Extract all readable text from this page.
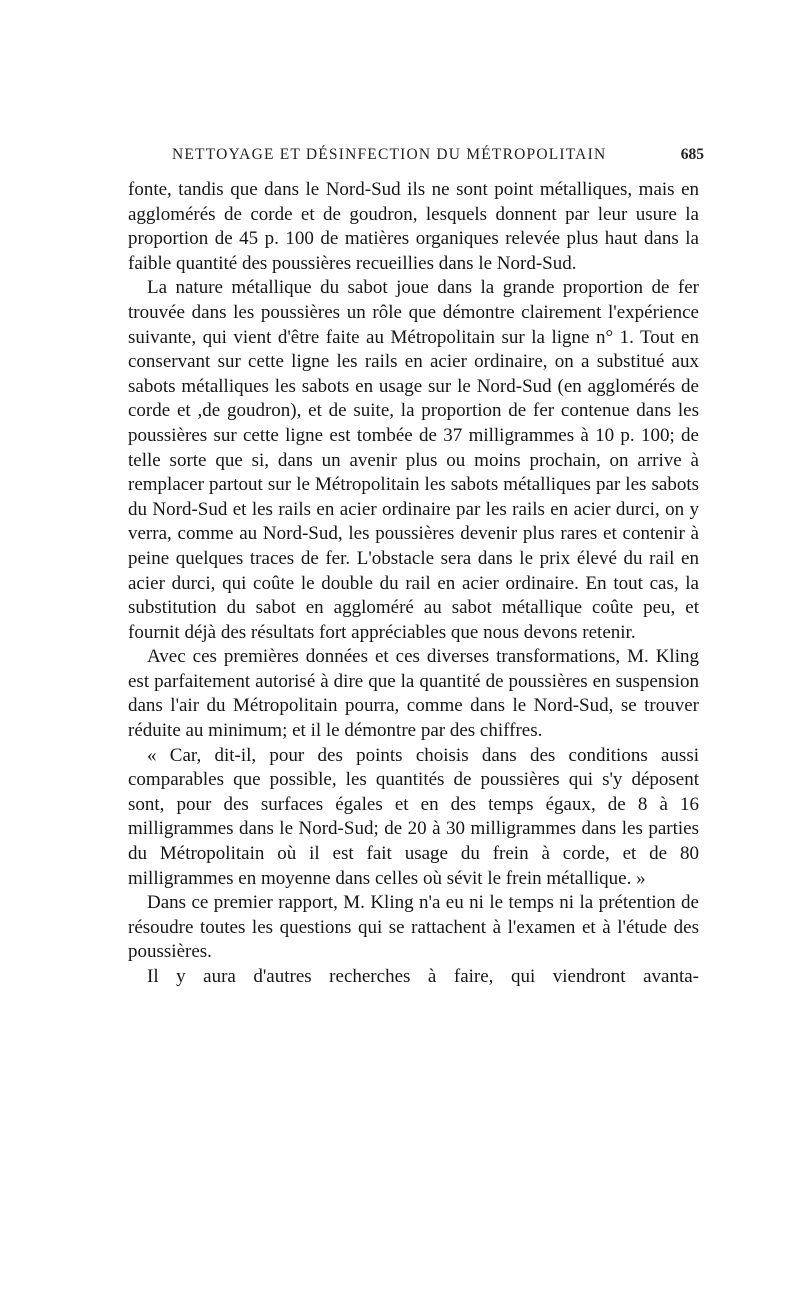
NETTOYAGE ET DÉSINFECTION DU MÉTROPOLITAIN	685

fonte, tandis que dans le Nord-Sud ils ne sont point métalliques, mais en agglomérés de corde et de goudron, lesquels donnent par leur usure la proportion de 45 p. 100 de matières organiques relevée plus haut dans la faible quantité des poussières recueillies dans le Nord-Sud.

La nature métallique du sabot joue dans la grande proportion de fer trouvée dans les poussières un rôle que démontre clairement l'expérience suivante, qui vient d'être faite au Métropolitain sur la ligne n° 1. Tout en conservant sur cette ligne les rails en acier ordinaire, on a substitué aux sabots métalliques les sabots en usage sur le Nord-Sud (en agglomérés de corde et ,de goudron), et de suite, la proportion de fer contenue dans les poussières sur cette ligne est tombée de 37 milligrammes à 10 p. 100; de telle sorte que si, dans un avenir plus ou moins prochain, on arrive à remplacer partout sur le Métropolitain les sabots métalliques par les sabots du Nord-Sud et les rails en acier ordinaire par les rails en acier durci, on y verra, comme au Nord-Sud, les poussières devenir plus rares et contenir à peine quelques traces de fer. L'obstacle sera dans le prix élevé du rail en acier durci, qui coûte le double du rail en acier ordinaire. En tout cas, la substitution du sabot en aggloméré au sabot métallique coûte peu, et fournit déjà des résultats fort appréciables que nous devons retenir.

Avec ces premières données et ces diverses transformations, M. Kling est parfaitement autorisé à dire que la quantité de poussières en suspension dans l'air du Métropolitain pourra, comme dans le Nord-Sud, se trouver réduite au minimum; et il le démontre par des chiffres.

« Car, dit-il, pour des points choisis dans des conditions aussi comparables que possible, les quantités de poussières qui s'y déposent sont, pour des surfaces égales et en des temps égaux, de 8 à 16 milligrammes dans le Nord-Sud; de 20 à 30 milligrammes dans les parties du Métropolitain où il est fait usage du frein à corde, et de 80 milligrammes en moyenne dans celles où sévit le frein métallique. »

Dans ce premier rapport, M. Kling n'a eu ni le temps ni la prétention de résoudre toutes les questions qui se rattachent à l'examen et à l'étude des poussières.

Il y aura d'autres recherches à faire, qui viendront avanta-
